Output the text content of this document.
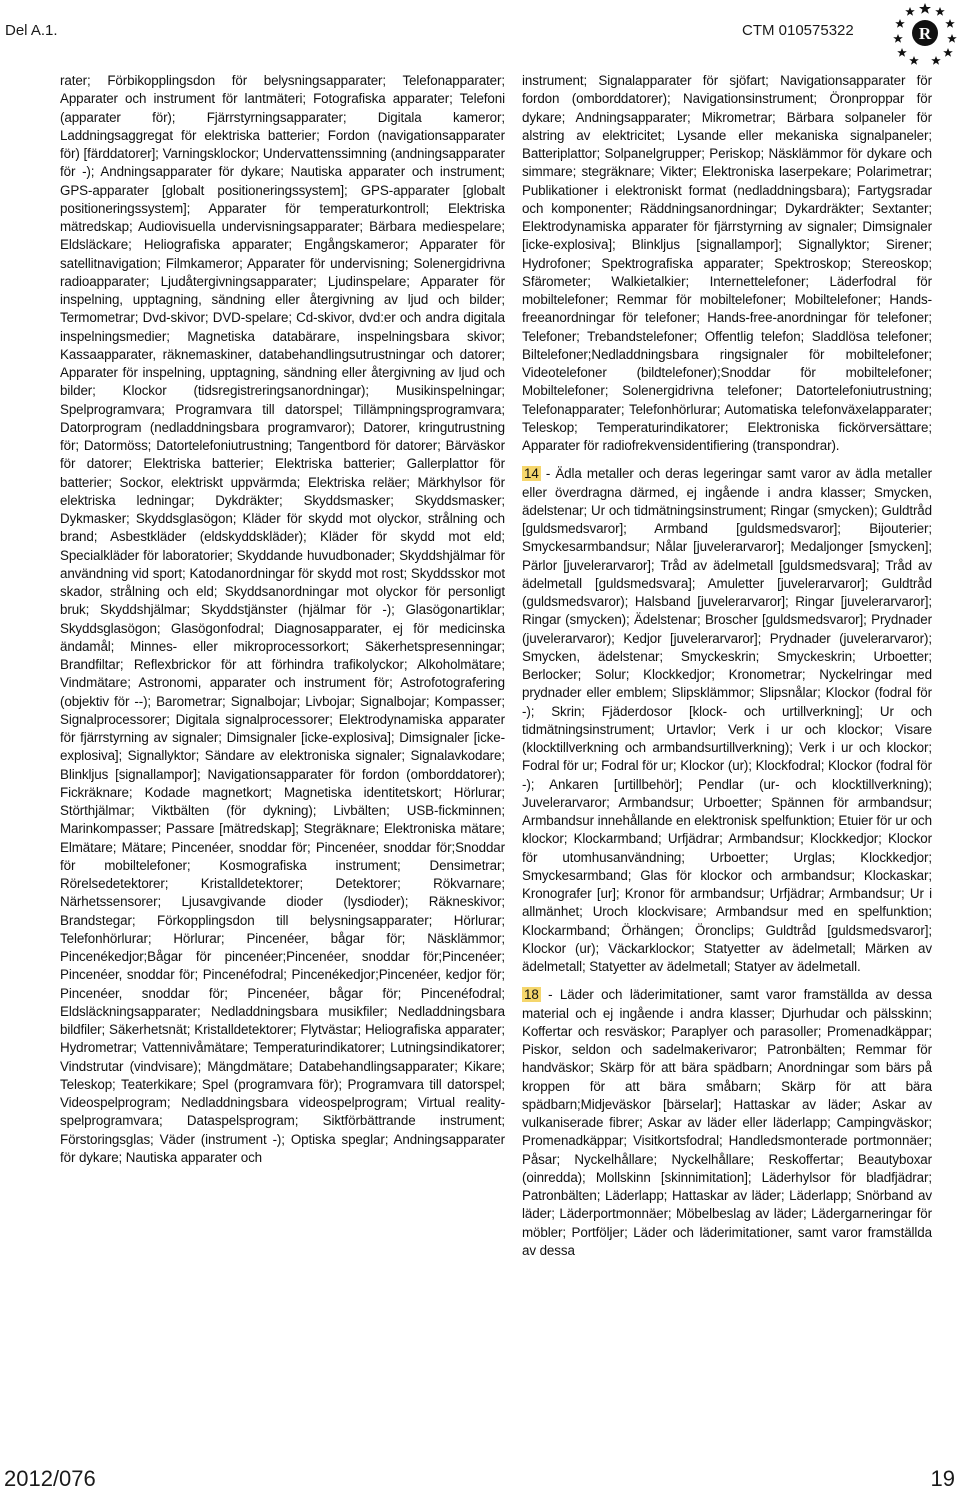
Del A.1.	CTM 010575322	R

rater; Förbikopplingsdon för belysningsapparater; Telefonapparater; Apparater och instrument för lantmäteri; Fotografiska apparater; Telefoni (apparater för); Fjärrstyrningsapparater; Digitala kameror; Laddningsaggregat för elektriska batterier; Fordon (navigationsapparater för) [färddatorer]; Varningsklockor; Undervattenssimning (andningsapparater för -); Andningsapparater för dykare; Nautiska apparater och instrument; GPS-apparater [globalt positioneringssystem]; GPS-apparater [globalt positioneringssystem]; Apparater för temperaturkontroll; Elektriska mätredskap; Audiovisuella undervisningsapparater; Bärbara mediespelare; Eldsläckare; Heliografiska apparater; Engångskameror; Apparater för satellitnavigation; Filmkameror; Apparater för undervisning; Solenergidrivna radioapparater; Ljudåtergivningsapparater; Ljudinspelare; Apparater för inspelning, upptagning, sändning eller återgivning av ljud och bilder; Termometrar; Dvd-skivor; DVD-spelare; Cd-skivor, dvd:er och andra digitala inspelningsmedier; Magnetiska databärare, inspelningsbara skivor; Kassaapparater, räknemaskiner, databehandlingsutrustningar och datorer; Apparater för inspelning, upptagning, sändning eller återgivning av ljud och bilder; Klockor (tidsregistreringsanordningar); Musikinspelningar; Spelprogramvara; Programvara till datorspel; Tillämpningsprogramvara; Datorprogram (nedladdningsbara programvaror); Datorer, kringutrustning för; Datormöss; Datortelefoniutrustning; Tangentbord för datorer; Bärväskor för datorer; Elektriska batterier; Elektriska batterier; Gallerplattor för batterier; Sockor, elektriskt uppvärmda; Elektriska reläer; Märkhylsor för elektriska ledningar; Dykdräkter; Skyddsmasker; Skyddsmasker; Dykmasker; Skyddsglasögon; Kläder för skydd mot olyckor, strålning och brand; Asbestkläder (eldskyddskläder); Kläder för skydd mot eld; Specialkläder för laboratorier; Skyddande huvudbonader; Skyddshjälmar för användning vid sport; Katodanordningar för skydd mot rost; Skyddsskor mot skador, strålning och eld; Skyddsanordningar mot olyckor för personligt bruk; Skyddshjälmar; Skyddstjänster (hjälmar för -); Glasögonartiklar; Skyddsglasögon; Glasögonfodral; Diagnosapparater, ej för medicinska ändamål; Minnes- eller mikroprocessorkort; Säkerhetspresenningar; Brandfiltar; Reflexbrickor för att förhindra trafikolyckor; Alkoholmätare; Vindmätare; Astronomi, apparater och instrument för; Astrofotografering (objektiv för --); Barometrar; Signalbojar; Livbojar; Signalbojar; Kompasser; Signalprocessorer; Digitala signalprocessorer; Elektrodynamiska apparater för fjärrstyrning av signaler; Dimsignaler [icke-explosiva]; Dimsignaler [icke-explosiva]; Signallyktor; Sändare av elektroniska signaler; Signalavkodare; Blinkljus [signallampor]; Navigationsapparater för fordon (omborddatorer); Fickräknare; Kodade magnetkort; Magnetiska identitetskort; Hörlurar; Störthjälmar; Viktbälten (för dykning); Livbälten; USB-fickminnen; Marinkompasser; Passare [mätredskap]; Stegräknare; Elektroniska mätare; Elmätare; Mätare; Pincenéer, snoddar för; Pincenéer, snoddar för;Snoddar för mobiltelefoner; Kosmografiska instrument; Densimetrar; Rörelsedetektorer; Kristalldetektorer; Detektorer; Rökvarnare; Närhetssensorer; Ljusavgivande dioder (lysdioder); Räkneskivor; Brandstegar; Förkopplingsdon till belysningsapparater; Hörlurar; Telefonhörlurar; Hörlurar; Pincenéer, bågar för; Näsklämmor; Pincenékedjor;Bågar för pincenéer;Pincenéer, snoddar för;Pincenéer; Pincenéer, snoddar för; Pincenéfodral; Pincenékedjor;Pincenéer, kedjor för; Pincenéer, snoddar för; Pincenéer, bågar för; Pincenéfodral; Eldsläckningsapparater; Nedladdningsbara musikfiler; Nedladdningsbara bildfiler; Säkerhetsnät; Kristalldetektorer; Flytvästar; Heliografiska apparater; Hydrometrar; Vattennivåmätare; Temperaturindikatorer; Lutningsindikatorer; Vindstrutar (vindvisare); Mängdmätare; Databehandlingsapparater; Kikare; Teleskop; Teaterkikare; Spel (programvara för); Programvara till datorspel; Videospelprogram; Nedladdningsbara videospelprogram; Virtual reality-spelprogramvara; Dataspelsprogram; Siktförbättrande instrument; Förstoringsglas; Väder (instrument -); Optiska speglar; Andningsapparater för dykare; Nautiska apparater och

instrument; Signalapparater för sjöfart; Navigationsapparater för fordon (omborddatorer); Navigationsinstrument; Öronproppar för dykare; Andningsapparater; Mikrometrar; Bärbara solpaneler för alstring av elektricitet; Lysande eller mekaniska signalpaneler; Batteriplattor; Solpanelgrupper; Periskop; Näsklämmor för dykare och simmare; stegräknare; Vikter; Elektroniska laserpekare; Polarimetrar; Publikationer i elektroniskt format (nedladdningsbara); Fartygsradar och komponenter; Räddningsanordningar; Dykardräkter; Sextanter; Elektrodynamiska apparater för fjärrstyrning av signaler; Dimsignaler [icke-explosiva]; Blinkljus [signallampor]; Signallyktor; Sirener; Hydrofoner; Spektrografiska apparater; Spektroskop; Stereoskop; Sfärometer; Walkietalkier; Internettelefoner; Läderfodral för mobiltelefoner; Remmar för mobiltelefoner; Mobiltelefoner; Hands-freeanordningar för telefoner; Hands-free-anordningar för telefoner; Telefoner; Trebandstelefoner; Offentlig telefon; Sladdlösa telefoner; Biltelefoner;Nedladdningsbara ringsignaler för mobiltelefoner; Videotelefoner (bildtelefoner);Snoddar för mobiltelefoner; Mobiltelefoner; Solenergidrivna telefoner; Datortelefoniutrustning; Telefonapparater; Telefonhörlurar; Automatiska telefonväxelapparater; Teleskop; Temperaturindikatorer; Elektroniska fickörversättare; Apparater för radiofrekvensidentifiering (transpondrar).

14 - Ädla metaller och deras legeringar samt varor av ädla metaller eller överdragna därmed, ej ingående i andra klasser; Smycken, ädelstenar; Ur och tidmätningsinstrument; Ringar (smycken); Guldtråd [guldsmedsvaror]; Armband [guldsmedsvaror]; Bijouterier; Smyckesarmbandsur; Nålar [juvelerarvaror]; Medaljonger [smycken]; Pärlor [juvelerarvaror]; Tråd av ädelmetall [guldsmedsvara]; Tråd av ädelmetall [guldsmedsvara]; Amuletter [juvelerarvaror]; Guldtråd (guldsmedsvaror); Halsband [juvelerarvaror]; Ringar [juvelerarvaror]; Ringar (smycken); Ädelstenar; Broscher [guldsmedsvaror]; Prydnader (juvelerarvaror); Kedjor [juvelerarvaror]; Prydnader (juvelerarvaror); Smycken, ädelstenar; Smyckeskrin; Smyckeskrin; Urboetter; Berlocker; Solur; Klockkedjor; Kronometrar; Nyckelringar med prydnader eller emblem; Slipsklämmor; Slipsnålar; Klockor (fodral för -); Skrin; Fjäderdosor [klock- och urtillverkning]; Ur och tidmätningsinstrument; Urtavlor; Verk i ur och klockor; Visare (klocktillverkning och armbandsurtillverkning); Verk i ur och klockor; Fodral för ur; Fodral för ur; Klockor (ur); Klockfodral; Klockor (fodral för -); Ankaren [urtillbehör]; Pendlar (ur- och klocktillverkning); Juvelerarvaror; Armbandsur; Urboetter; Spännen för armbandsur; Armbandsur innehållande en elektronisk spelfunktion; Etuier för ur och klockor; Klockarmband; Urfjädrar; Armbandsur; Klockkedjor; Klockor för utomhusanvändning; Urboetter; Urglas; Klockkedjor; Smyckesarmband; Glas för klockor och armbandsur; Klockaskar; Kronografer [ur]; Kronor för armbandsur; Urfjädrar; Armbandsur; Ur i allmänhet; Uroch klockvisare; Armbandsur med en spelfunktion; Klockarmband; Örhängen; Öronclips; Guldtråd [guldsmedsvaror]; Klockor (ur); Väckarklockor; Statyetter av ädelmetall; Märken av ädelmetall; Statyetter av ädelmetall; Statyer av ädelmetall.

18 - Läder och läderimitationer, samt varor framställda av dessa material och ej ingående i andra klasser; Djurhudar och pälsskinn; Koffertar och resväskor; Paraplyer och parasoller; Promenadkäppar; Piskor, seldon och sadelmakerivaror; Patronbälten; Remmar för handväskor; Skärp för att bära spädbarn; Anordningar som bärs på kroppen för att bära småbarn; Skärp för att bära spädbarn;Midjeväskor [bärselar]; Hattaskar av läder; Askar av vulkaniserade fibrer; Askar av läder eller läderlapp; Campingväskor; Promenadkäppar; Visitkortsfodral; Handledsmonterade portmonnäer; Påsar; Nyckelhållare; Nyckelhållare; Reskoffertar; Beautyboxar (oinredda); Mollskinn [skinnimitation]; Läderhylsor för bladfjädrar; Patronbälten; Läderlapp; Hattaskar av läder; Läderlapp; Snörband av läder; Läderportmonnäer; Möbelbeslag av läder; Lädergarneringar för möbler; Portföljer; Läder och läderimitationer, samt varor framställda av dessa

2012/076	19
